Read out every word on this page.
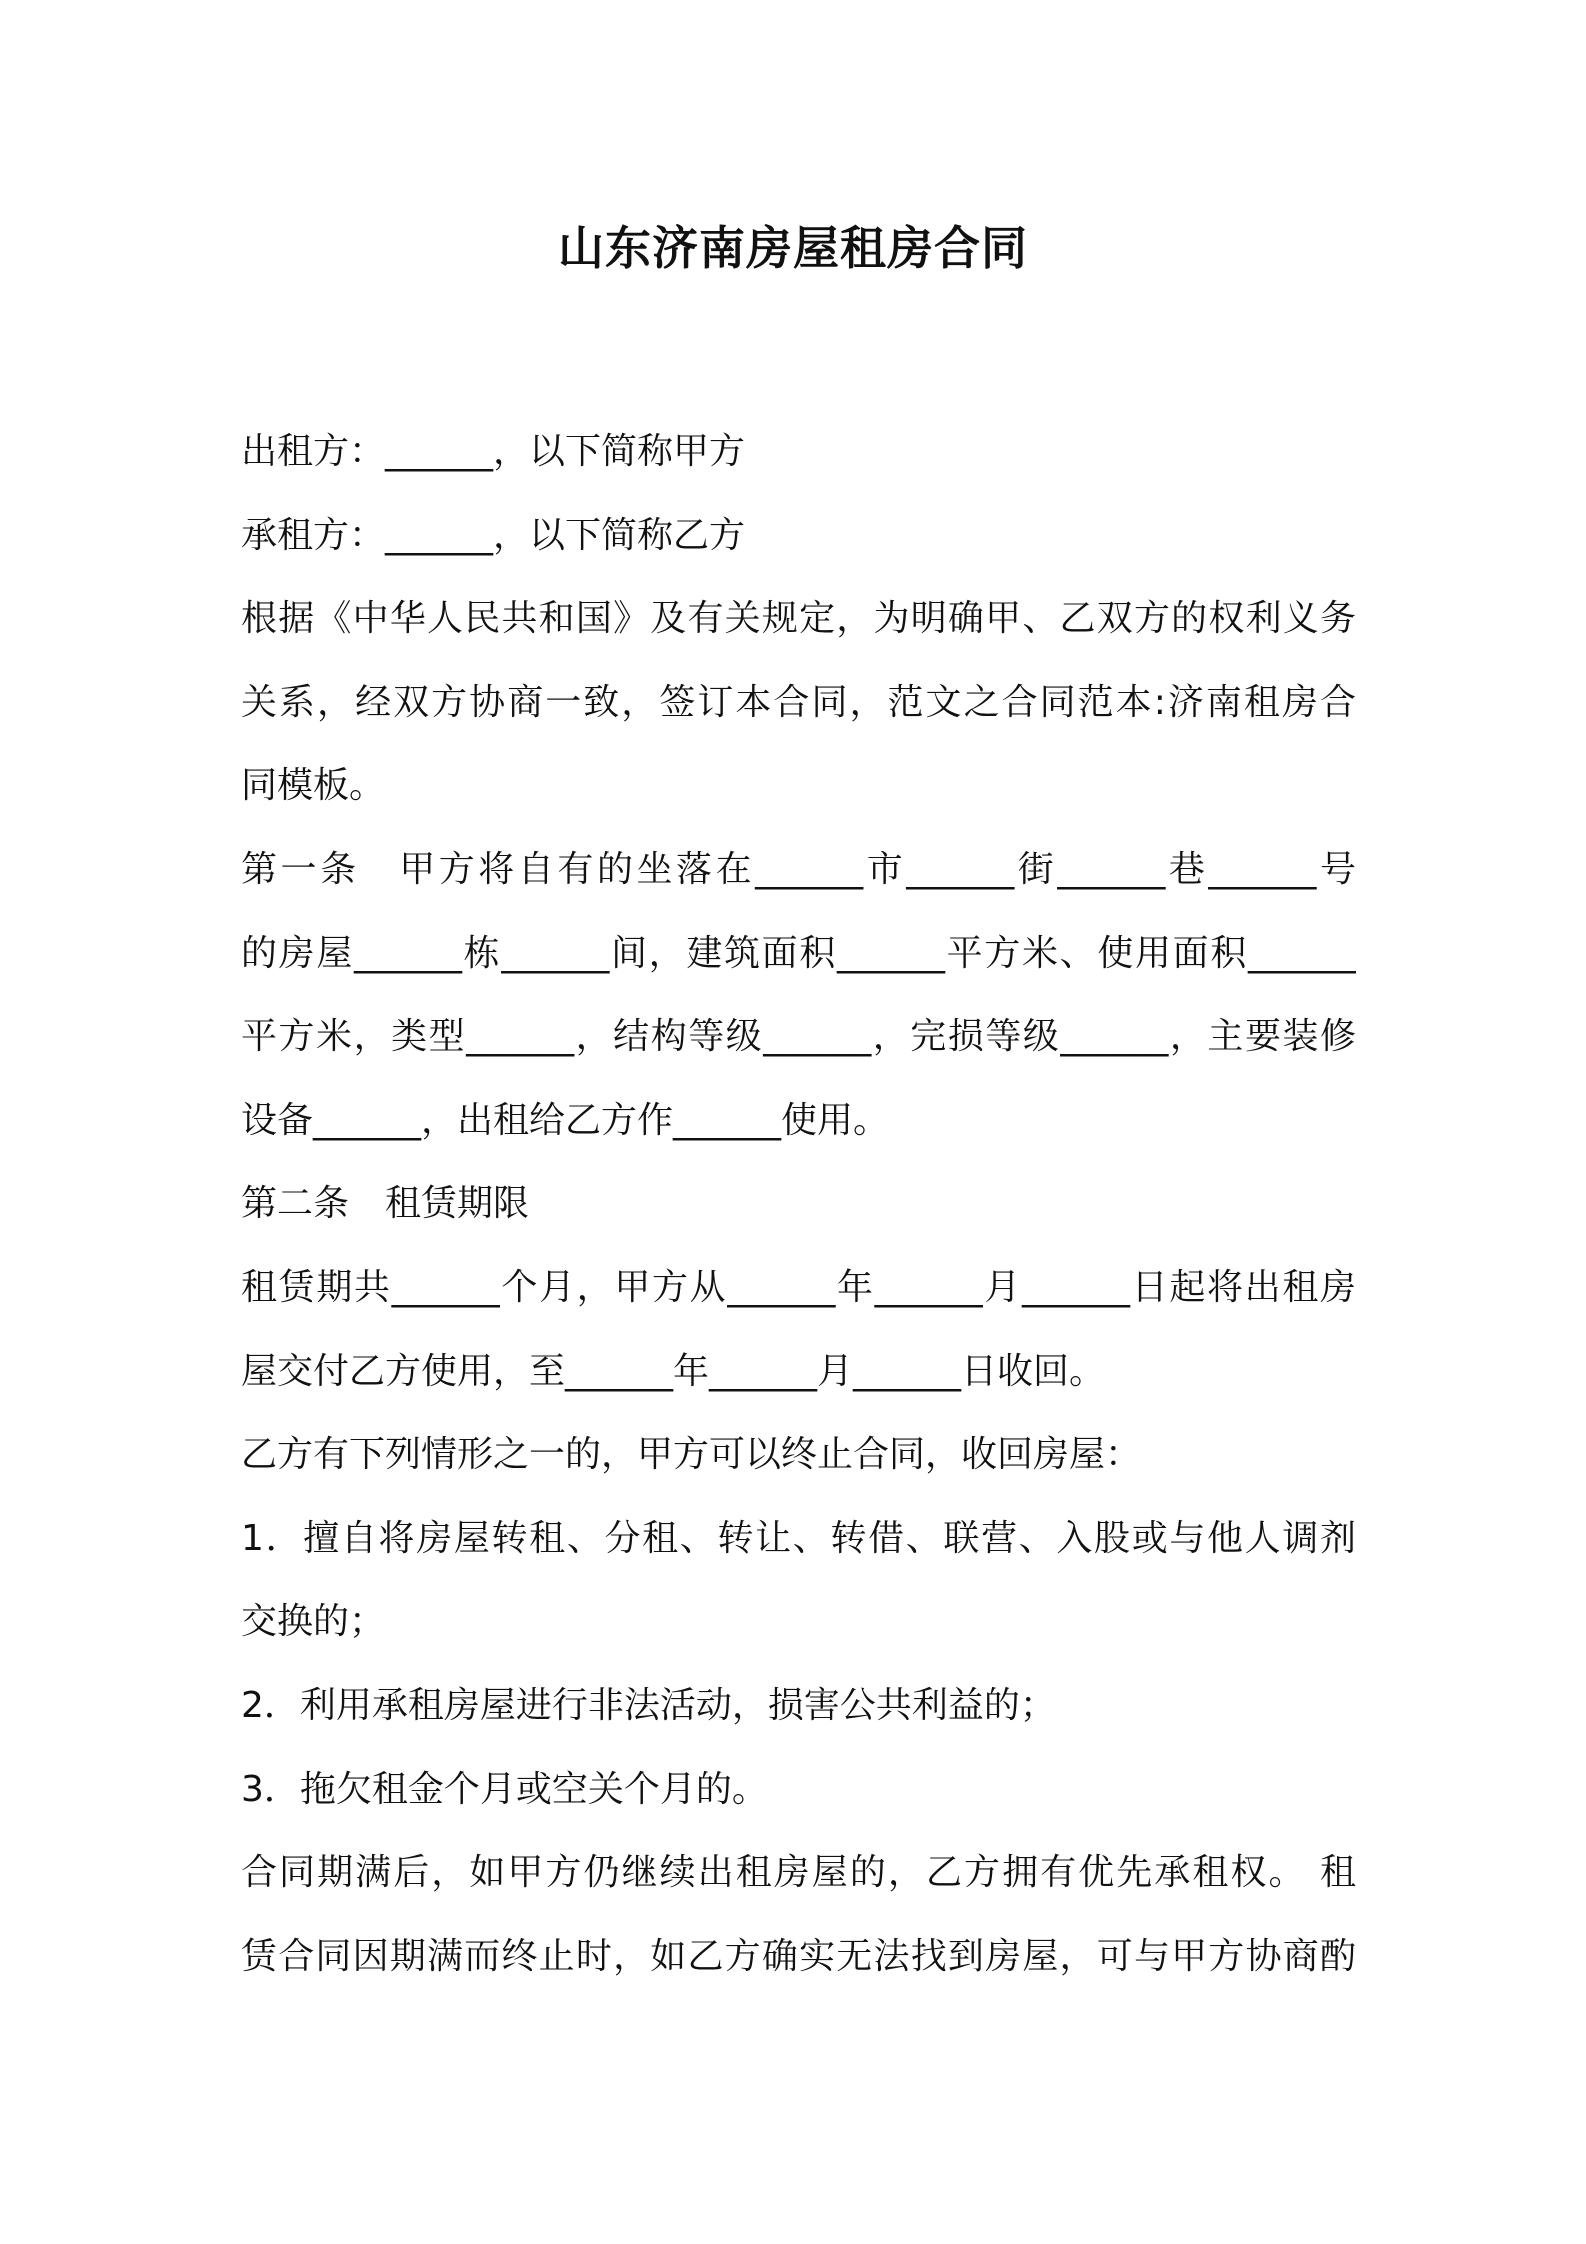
山东济南房屋租房合同
出租方：______，以下简称甲方
承租方：______，以下简称乙方
根据《中华人民共和国》及有关规定，为明确甲、乙双方的权利义务
关系，经双方协商一致，签订本合同，范文之合同范本:济南租房合
同模板。
第一条　甲方将自有的坐落在______市______街______巷______号
的房屋______栋______间，建筑面积______平方米、使用面积______
平方米，类型______，结构等级______，完损等级______，主要装修
设备______，出租给乙方作______使用。
第二条　租赁期限
租赁期共______个月，甲方从______年______月______日起将出租房
屋交付乙方使用，至______年______月______日收回。
乙方有下列情形之一的，甲方可以终止合同，收回房屋：
1．擅自将房屋转租、分租、转让、转借、联营、入股或与他人调剂
交换的；
2．利用承租房屋进行非法活动，损害公共利益的；
3．拖欠租金个月或空关个月的。
合同期满后，如甲方仍继续出租房屋的，乙方拥有优先承租权。 租
赁合同因期满而终止时，如乙方确实无法找到房屋，可与甲方协商酌
